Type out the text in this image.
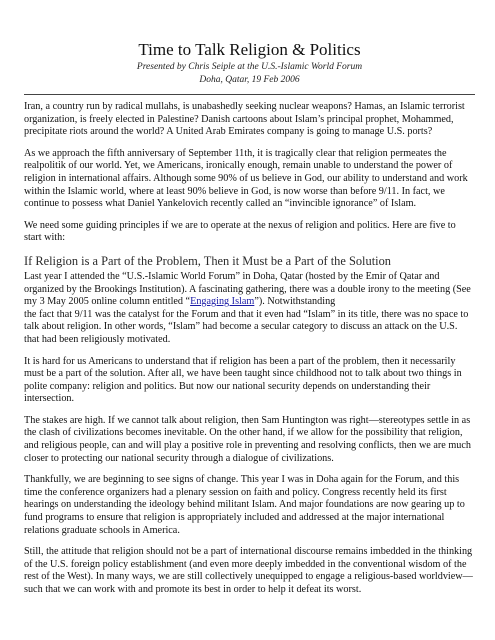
Time to Talk Religion & Politics
Presented by Chris Seiple at the U.S.-Islamic World Forum
Doha, Qatar, 19 Feb 2006

Iran, a country run by radical mullahs, is unabashedly seeking nuclear weapons? Hamas, an Islamic terrorist organization, is freely elected in Palestine? Danish cartoons about Islam’s principal prophet, Mohammed, precipitate riots around the world? A United Arab Emirates company is going to manage U.S. ports?

As we approach the fifth anniversary of September 11th, it is tragically clear that religion permeates the realpolitik of our world. Yet, we Americans, ironically enough, remain unable to understand the power of religion in international affairs. Although some 90% of us believe in God, our ability to understand and work within the Islamic world, where at least 90% believe in God, is now worse than before 9/11. In fact, we continue to possess what Daniel Yankelovich recently called an “invincible ignorance” of Islam.

We need some guiding principles if we are to operate at the nexus of religion and politics. Here are five to start with:

If Religion is a Part of the Problem, Then it Must be a Part of the Solution

Last year I attended the “U.S.-Islamic World Forum” in Doha, Qatar (hosted by the Emir of Qatar and organized by the Brookings Institution). A fascinating gathering, there was a double irony to the meeting (See my 3 May 2005 online column entitled “Engaging Islam”). Notwithstanding
the fact that 9/11 was the catalyst for the Forum and that it even had “Islam” in its title, there was no space to talk about religion. In other words, “Islam” had become a secular category to discuss an attack on the U.S. that had been religiously motivated.

It is hard for us Americans to understand that if religion has been a part of the problem, then it necessarily must be a part of the solution. After all, we have been taught since childhood not to talk about two things in polite company: religion and politics. But now our national security depends on understanding their intersection.

The stakes are high. If we cannot talk about religion, then Sam Huntington was right—stereotypes settle in as the clash of civilizations becomes inevitable. On the other hand, if we allow for the possibility that religion, and religious people, can and will play a positive role in preventing and resolving conflicts, then we are much closer to protecting our national security through a dialogue of civilizations.

Thankfully, we are beginning to see signs of change. This year I was in Doha again for the Forum, and this time the conference organizers had a plenary session on faith and policy. Congress recently held its first hearings on understanding the ideology behind militant Islam. And major foundations are now gearing up to fund programs to ensure that religion is appropriately included and addressed at the major international relations graduate schools in America.

Still, the attitude that religion should not be a part of international discourse remains imbedded in the thinking of the U.S. foreign policy establishment (and even more deeply imbedded in the conventional wisdom of the rest of the West). In many ways, we are still collectively unequipped to engage a religious-based worldview—such that we can work with and promote its best in order to help it defeat its worst.
